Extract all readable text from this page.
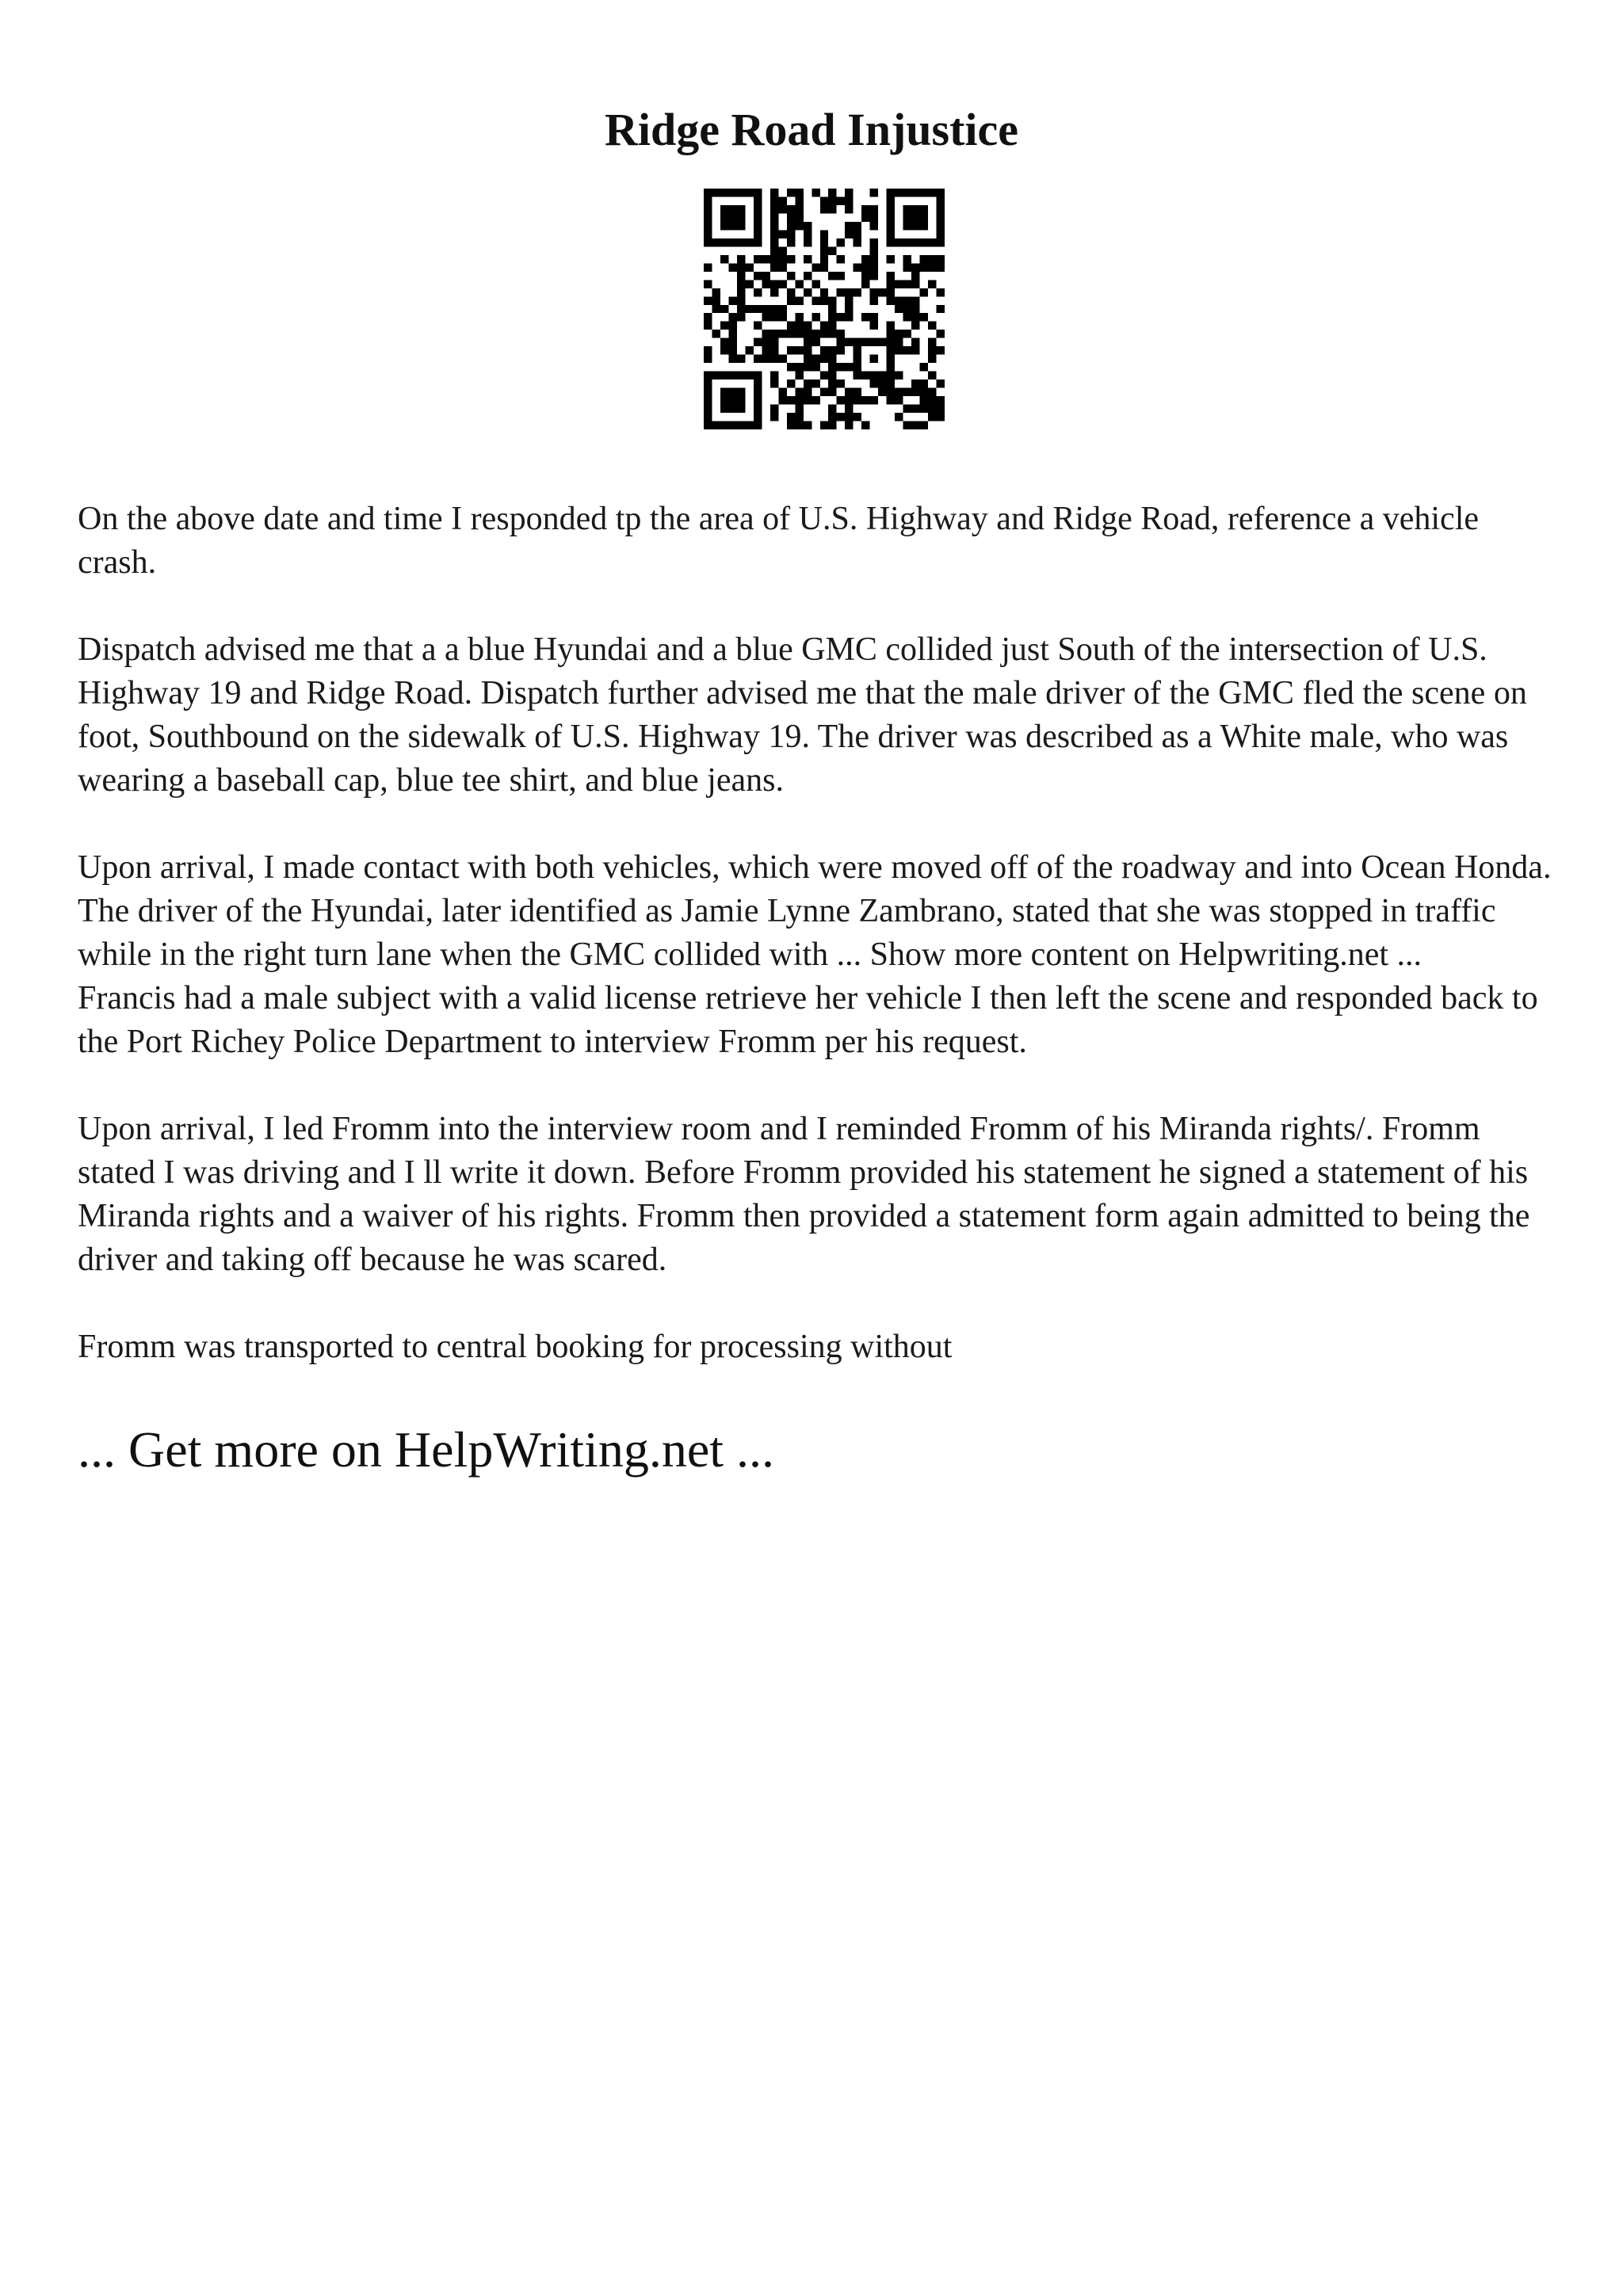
Ridge Road Injustice

On the above date and time I responded tp the area of U.S. Highway and Ridge Road, reference a vehicle crash.

Dispatch advised me that a a blue Hyundai and a blue GMC collided just South of the intersection of U.S. Highway 19 and Ridge Road. Dispatch further advised me that the male driver of the GMC fled the scene on foot, Southbound on the sidewalk of U.S. Highway 19. The driver was described as a White male, who was wearing a baseball cap, blue tee shirt, and blue jeans.

Upon arrival, I made contact with both vehicles, which were moved off of the roadway and into Ocean Honda. The driver of the Hyundai, later identified as Jamie Lynne Zambrano, stated that she was stopped in traffic while in the right turn lane when the GMC collided with ... Show more content on Helpwriting.net ...

Francis had a male subject with a valid license retrieve her vehicle I then left the scene and responded back to the Port Richey Police Department to interview Fromm per his request.

Upon arrival, I led Fromm into the interview room and I reminded Fromm of his Miranda rights/. Fromm stated I was driving and I ll write it down. Before Fromm provided his statement he signed a statement of his Miranda rights and a waiver of his rights. Fromm then provided a statement form again admitted to being the driver and taking off because he was scared.

Fromm was transported to central booking for processing without

... Get more on HelpWriting.net ...
